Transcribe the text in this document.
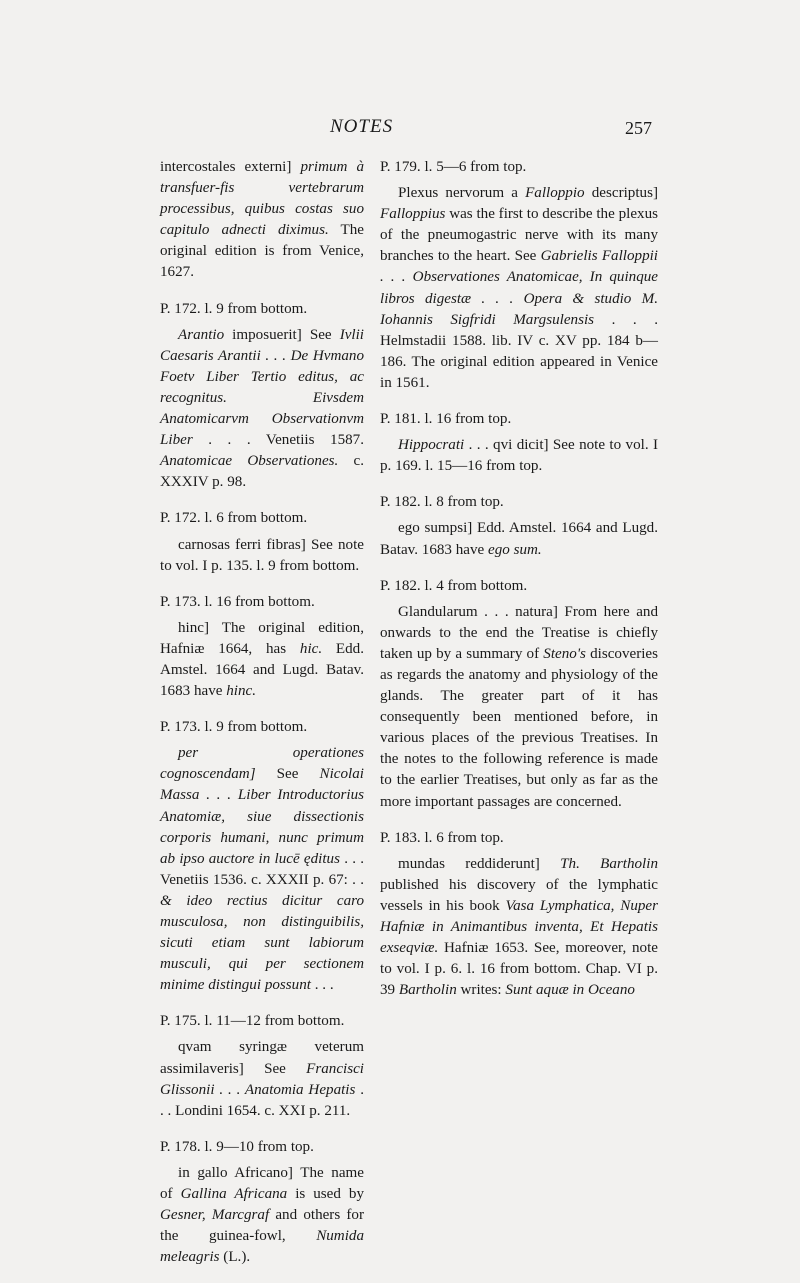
NOTES	257

intercostales externi] primum à transfuer-fis vertebrarum processibus, quibus costas suo capitulo adnecti diximus. The original edition is from Venice, 1627.

P. 172. l. 9 from bottom.

Arantio imposuerit] See Ivlii Caesaris Arantii . . . De Hvmano Foetv Liber Tertio editus, ac recognitus. Eivsdem Anatomicarvm Observationvm Liber . . . Venetiis 1587. Anatomicae Observationes. c. XXXIV p. 98.

P. 172. l. 6 from bottom.

carnosas ferri fibras] See note to vol. I p. 135. l. 9 from bottom.

P. 173. l. 16 from bottom.

hinc] The original edition, Hafniæ 1664, has hic. Edd. Amstel. 1664 and Lugd. Batav. 1683 have hinc.

P. 173. l. 9 from bottom.

per operationes cognoscendam] See Nicolai Massa . . . Liber Introductorius Anatomiæ, siue dissectionis corporis humani, nunc primum ab ipso auctore in lucē ęditus . . . Venetiis 1536. c. XXXII p. 67: . . & ideo rectius dicitur caro musculosa, non distinguibilis, sicuti etiam sunt labiorum musculi, qui per sectionem minime distingui possunt . . .

P. 175. l. 11—12 from bottom.

qvam syringæ veterum assimilaveris] See Francisci Glissonii . . . Anatomia Hepatis . . . Londini 1654. c. XXI p. 211.

P. 178. l. 9—10 from top.

in gallo Africano] The name of Gallina Africana is used by Gesner, Marcgraf and others for the guinea-fowl, Numida meleagris (L.).

P. 179. l. 5—6 from top.

Plexus nervorum a Falloppio descriptus] Falloppius was the first to describe the plexus of the pneumogastric nerve with its many branches to the heart. See Gabrielis Falloppii . . . Observationes Anatomicae, In quinque libros digestæ . . . Opera & studio M. Iohannis Sigfridi Margsulensis . . . Helmstadii 1588. lib. IV c. XV pp. 184 b—186. The original edition appeared in Venice in 1561.

P. 181. l. 16 from top.

Hippocrati . . . qvi dicit] See note to vol. I p. 169. l. 15—16 from top.

P. 182. l. 8 from top.

ego sumpsi] Edd. Amstel. 1664 and Lugd. Batav. 1683 have ego sum.

P. 182. l. 4 from bottom.

Glandularum . . . natura] From here and onwards to the end the Treatise is chiefly taken up by a summary of Steno's discoveries as regards the anatomy and physiology of the glands. The greater part of it has consequently been mentioned before, in various places of the previous Treatises. In the notes to the following reference is made to the earlier Treatises, but only as far as the more important passages are concerned.

P. 183. l. 6 from top.

mundas reddiderunt] Th. Bartholin published his discovery of the lymphatic vessels in his book Vasa Lymphatica, Nuper Hafniæ in Animantibus inventa, Et Hepatis exseqviæ. Hafniæ 1653. See, moreover, note to vol. I p. 6. l. 16 from bottom. Chap. VI p. 39 Bartholin writes: Sunt aquæ in Oceano
